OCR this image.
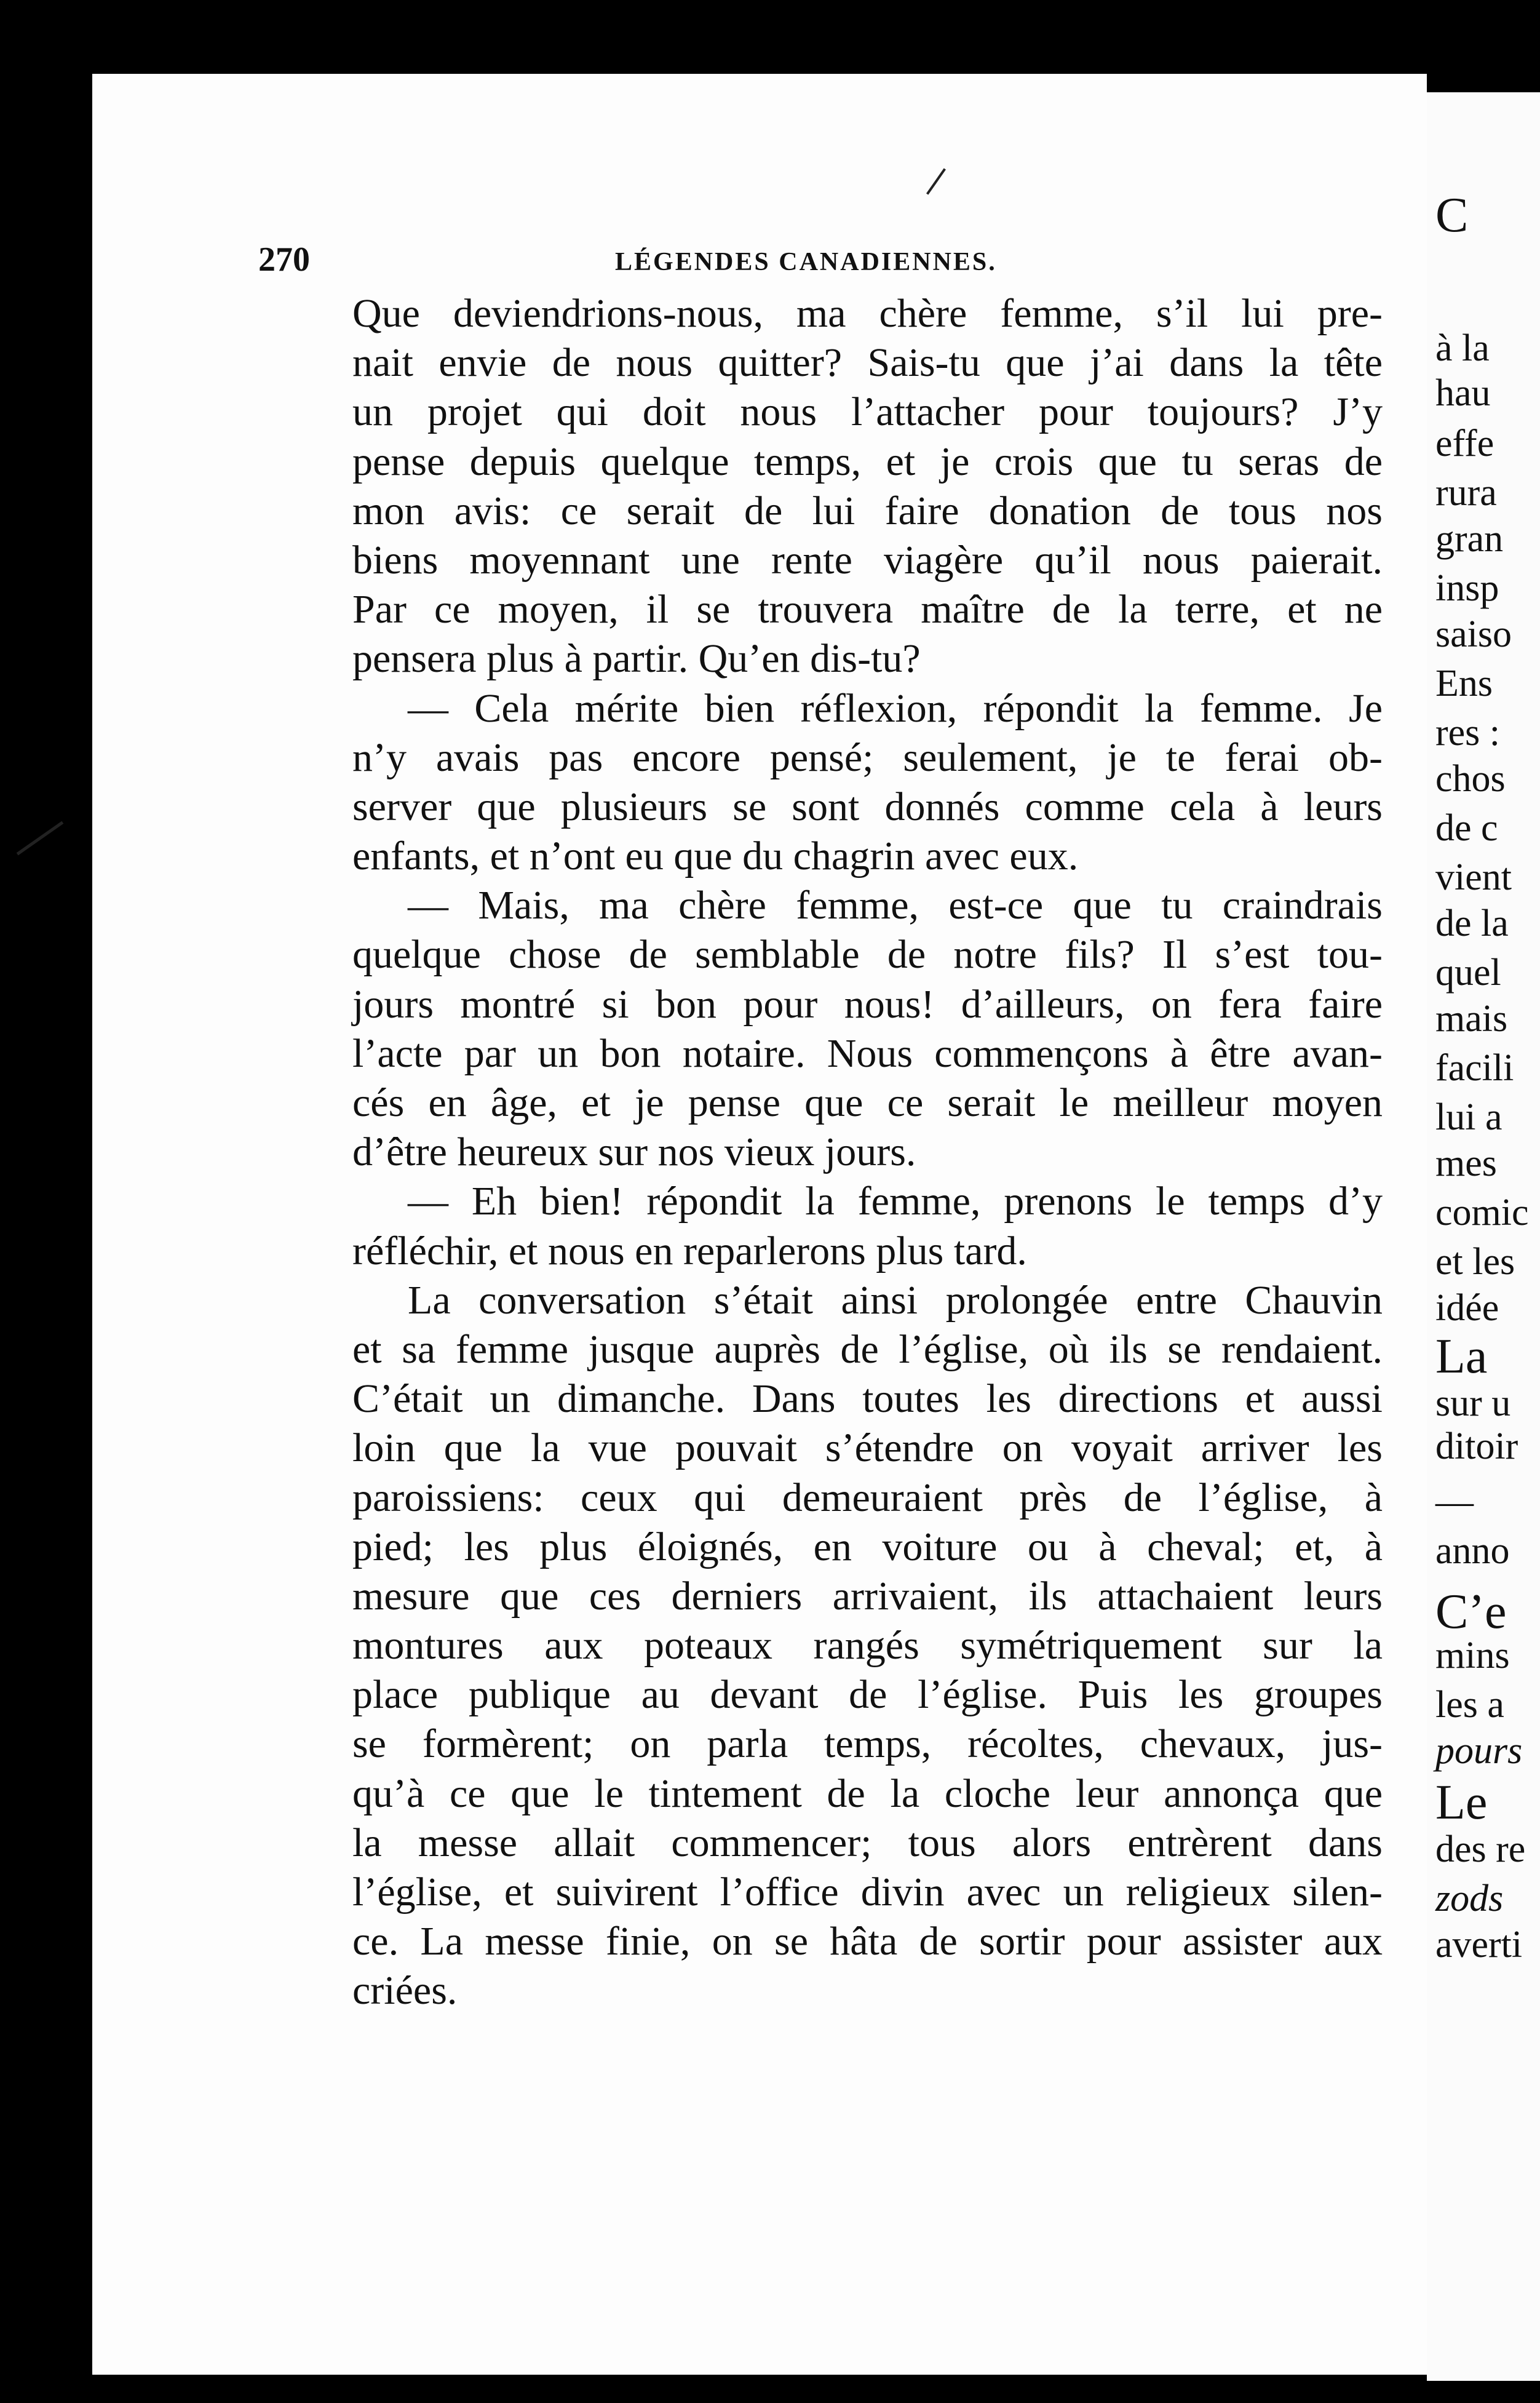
C
à la
hau
effe
rura
gran
insp
saiso
Ens
res :
chos
de c
vient
de la
quel
mais
facili
lui a
mes
comic
et les
idée
La
sur u
ditoir
—
anno
C’e
mins
les a
pours
Le
des re
zods
averti
270	LÉGENDES CANADIENNES.
Que deviendrions-nous, ma chère femme, s’il lui pre-
nait envie de nous quitter? Sais-tu que j’ai dans la tête
un projet qui doit nous l’attacher pour toujours? J’y
pense depuis quelque temps, et je crois que tu seras de
mon avis: ce serait de lui faire donation de tous nos
biens moyennant une rente viagère qu’il nous paierait.
Par ce moyen, il se trouvera maître de la terre, et ne
pensera plus à partir. Qu’en dis-tu?
— Cela mérite bien réflexion, répondit la femme. Je
n’y avais pas encore pensé; seulement, je te ferai ob-
server que plusieurs se sont donnés comme cela à leurs
enfants, et n’ont eu que du chagrin avec eux.
— Mais, ma chère femme, est-ce que tu craindrais
quelque chose de semblable de notre fils? Il s’est tou-
jours montré si bon pour nous! d’ailleurs, on fera faire
l’acte par un bon notaire. Nous commençons à être avan-
cés en âge, et je pense que ce serait le meilleur moyen
d’être heureux sur nos vieux jours.
— Eh bien! répondit la femme, prenons le temps d’y
réfléchir, et nous en reparlerons plus tard.
La conversation s’était ainsi prolongée entre Chauvin
et sa femme jusque auprès de l’église, où ils se rendaient.
C’était un dimanche. Dans toutes les directions et aussi
loin que la vue pouvait s’étendre on voyait arriver les
paroissiens: ceux qui demeuraient près de l’église, à
pied; les plus éloignés, en voiture ou à cheval; et, à
mesure que ces derniers arrivaient, ils attachaient leurs
montures aux poteaux rangés symétriquement sur la
place publique au devant de l’église. Puis les groupes
se formèrent; on parla temps, récoltes, chevaux, jus-
qu’à ce que le tintement de la cloche leur annonça que
la messe allait commencer; tous alors entrèrent dans
l’église, et suivirent l’office divin avec un religieux silen-
ce. La messe finie, on se hâta de sortir pour assister aux
criées.
